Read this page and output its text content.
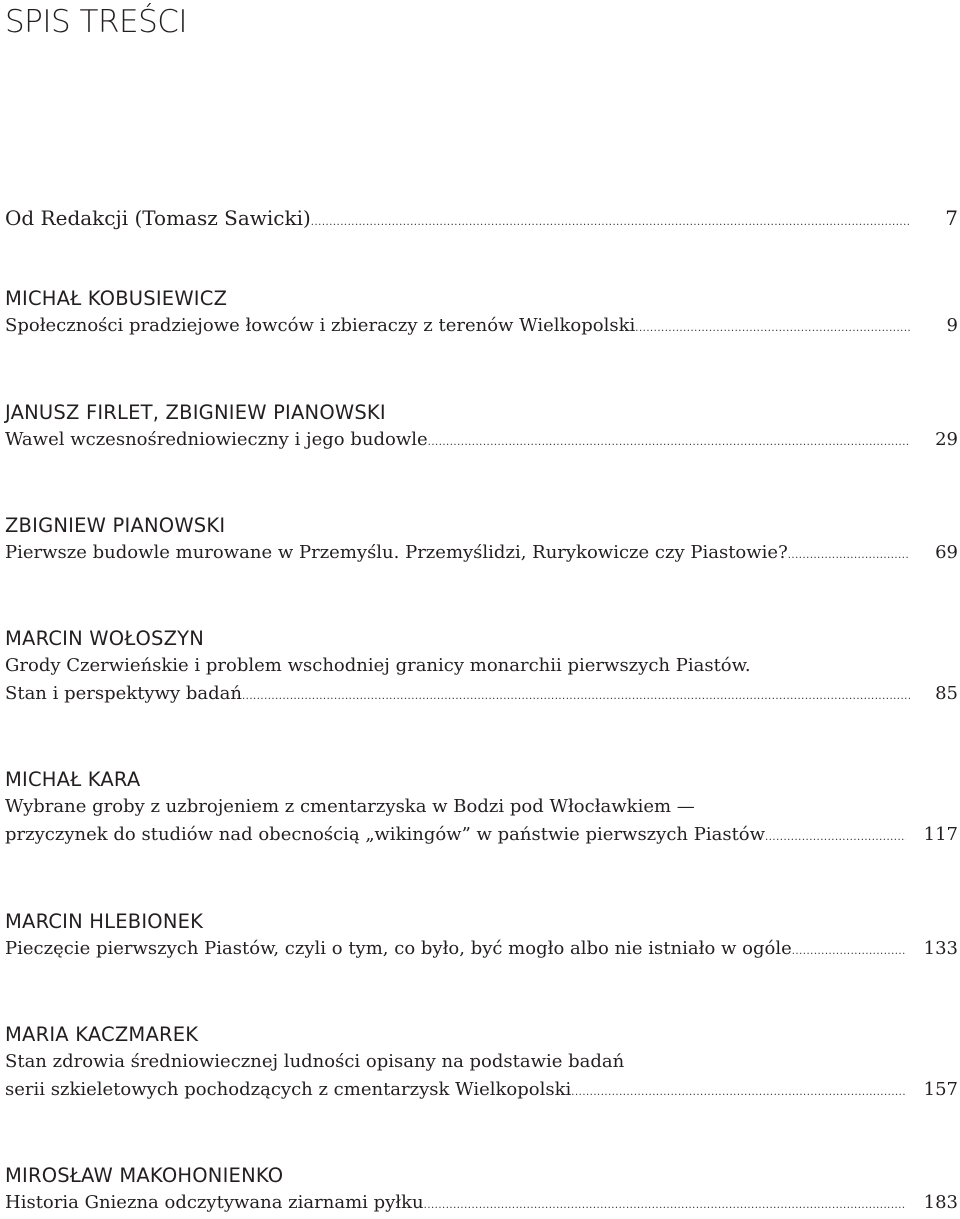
SPIS TREŚCI
Od Redakcji (Tomasz Sawicki) .....	7
MICHAŁ KOBUSIEWICZ
Społeczności pradziejowe łowców i zbieraczy z terenów Wielkopolski .....	9
JANUSZ FIRLET, ZBIGNIEW PIANOWSKI
Wawel wczesnośredniowieczny i jego budowle .....	29
ZBIGNIEW PIANOWSKI
Pierwsze budowle murowane w Przemyślu. Przemyślidzi, Rurykowicze czy Piastowie? .....	69
MARCIN WOŁOSZYN
Grody Czerwieńskie i problem wschodniej granicy monarchii pierwszych Piastów.
Stan i perspektywy badań .....	85
MICHAŁ KARA
Wybrane groby z uzbrojeniem z cmentarzyska w Bodzi pod Włocławkiem —
przyczynek do studiów nad obecnością „wikingów” w państwie pierwszych Piastów .....	117
MARCIN HLEBIONEK
Pieczęcie pierwszych Piastów, czyli o tym, co było, być mogło albo nie istniało w ogóle .....	133
MARIA KACZMAREK
Stan zdrowia średniowiecznej ludności opisany na podstawie badań
serii szkieletowych pochodzących z cmentarzysk Wielkopolski .....	157
MIROSŁAW MAKOHONIENKO
Historia Gniezna odczytywana ziarnami pyłku .....	183
